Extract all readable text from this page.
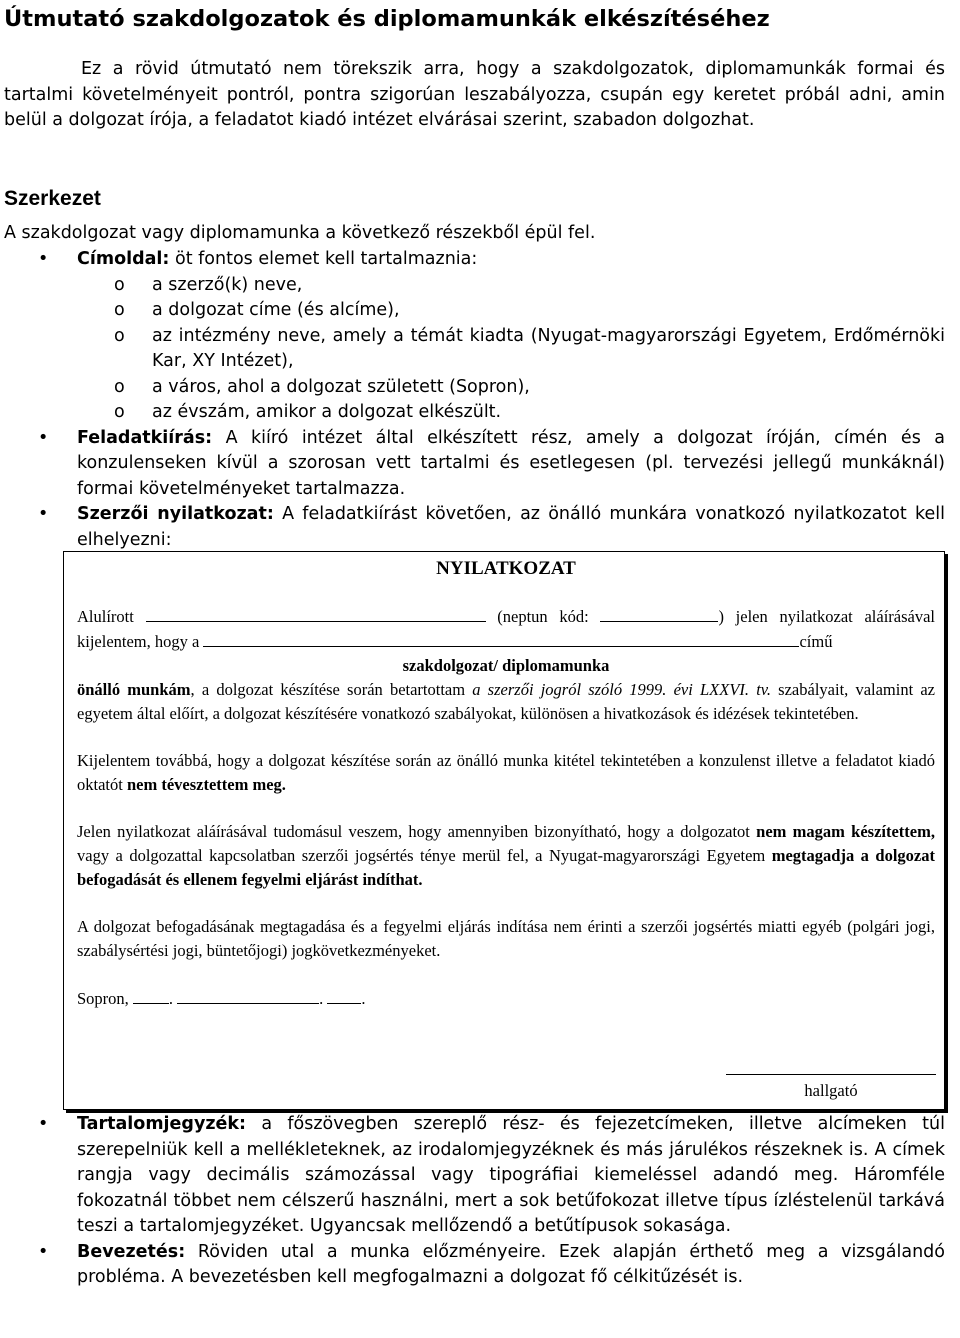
Útmutató szakdolgozatok és diplomamunkák elkészítéséhez
Ez a rövid útmutató nem törekszik arra, hogy a szakdolgozatok, diplomamunkák formai és tartalmi követelményeit pontról, pontra szigorúan leszabályozza, csupán egy keretet próbál adni, amin belül a dolgozat írója, a feladatot kiadó intézet elvárásai szerint, szabadon dolgozhat.
Szerkezet
A szakdolgozat vagy diplomamunka a következő részekből épül fel.
• Címoldal: öt fontos elemet kell tartalmaznia:
o a szerző(k) neve,
o a dolgozat címe (és alcíme),
o az intézmény neve, amely a témát kiadta (Nyugat-magyarországi Egyetem, Erdőmérnöki Kar, XY Intézet),
o a város, ahol a dolgozat született (Sopron),
o az évszám, amikor a dolgozat elkészült.
• Feladatkiírás: A kiíró intézet által elkészített rész, amely a dolgozat íróján, címén és a konzulenseken kívül a szorosan vett tartalmi és esetlegesen (pl. tervezési jellegű munkáknál) formai követelményeket tartalmazza.
• Szerzői nyilatkozat: A feladatkiírást követően, az önálló munkára vonatkozó nyilatkozatot kell elhelyezni:
NYILATKOZAT
Alulírott	(neptun kód:	) jelen nyilatkozat aláírásával kijelentem, hogy a	című
szakdolgozat/ diplomamunka
önálló munkám, a dolgozat készítése során betartottam a szerzői jogról szóló 1999. évi LXXVI. tv. szabályait, valamint az egyetem által előírt, a dolgozat készítésére vonatkozó szabályokat, különösen a hivatkozások és idézések tekintetében.
Kijelentem továbbá, hogy a dolgozat készítése során az önálló munka kitétel tekintetében a konzulenst illetve a feladatot kiadó oktatót nem tévesztettem meg.
Jelen nyilatkozat aláírásával tudomásul veszem, hogy amennyiben bizonyítható, hogy a dolgozatot nem magam készítettem, vagy a dolgozattal kapcsolatban szerzői jogsértés ténye merül fel, a Nyugat-magyarországi Egyetem megtagadja a dolgozat befogadását és ellenem fegyelmi eljárást indíthat.
A dolgozat befogadásának megtagadása és a fegyelmi eljárás indítása nem érinti a szerzői jogsértés miatti egyéb (polgári jogi, szabálysértési jogi, büntetőjogi) jogkövetkezményeket.
Sopron, .	. .
hallgató
• Tartalomjegyzék: a főszövegben szereplő rész- és fejezetcímeken, illetve alcímeken túl szerepelniük kell a mellékleteknek, az irodalomjegyzéknek és más járulékos részeknek is. A címek rangja vagy decimális számozással vagy tipográfiai kiemeléssel adandó meg. Háromféle fokozatnál többet nem célszerű használni, mert a sok betűfokozat illetve típus ízléstelenül tarkává teszi a tartalomjegyzéket. Ugyancsak mellőzendő a betűtípusok sokasága.
• Bevezetés: Röviden utal a munka előzményeire. Ezek alapján érthető meg a vizsgálandó probléma. A bevezetésben kell megfogalmazni a dolgozat fő célkitűzését is.
